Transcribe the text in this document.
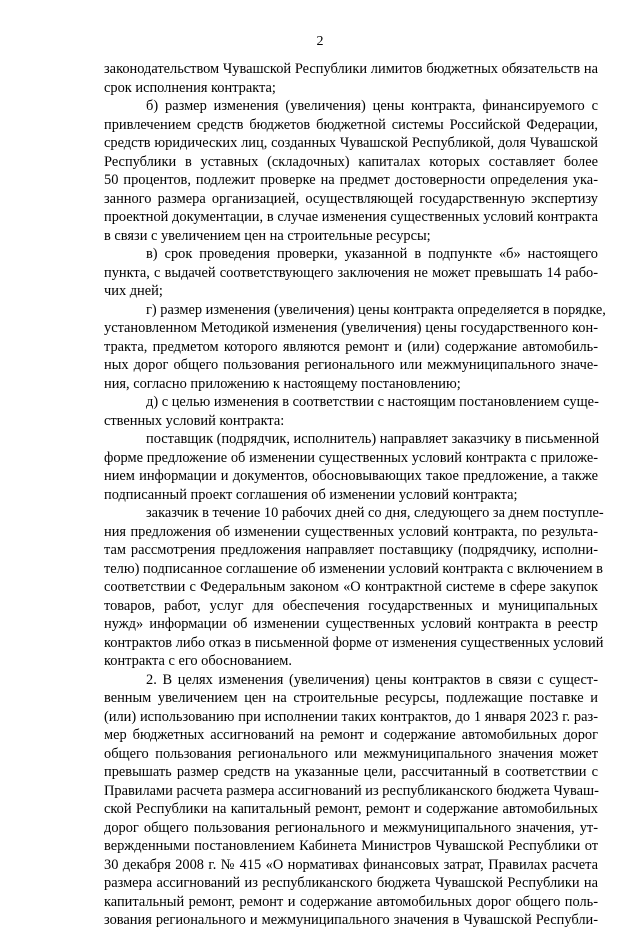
2
законодательством Чувашской Республики лимитов бюджетных обязательств на
срок исполнения контракта;
б) размер изменения (увеличения) цены контракта, финансируемого с
привлечением средств бюджетов бюджетной системы Российской Федерации,
средств юридических лиц, созданных Чувашской Республикой, доля Чувашской
Республики в уставных (складочных) капиталах которых составляет более
50 процентов, подлежит проверке на предмет достоверности определения ука-
занного размера организацией, осуществляющей государственную экспертизу
проектной документации, в случае изменения существенных условий контракта
в связи с увеличением цен на строительные ресурсы;
в) срок проведения проверки, указанной в подпункте «б» настоящего
пункта, с выдачей соответствующего заключения не может превышать 14 рабо-
чих дней;
г) размер изменения (увеличения) цены контракта определяется в порядке,
установленном Методикой изменения (увеличения) цены государственного кон-
тракта, предметом которого являются ремонт и (или) содержание автомобиль-
ных дорог общего пользования регионального или межмуниципального значе-
ния, согласно приложению к настоящему постановлению;
д) с целью изменения в соответствии с настоящим постановлением суще-
ственных условий контракта:
поставщик (подрядчик, исполнитель) направляет заказчику в письменной
форме предложение об изменении существенных условий контракта с приложе-
нием информации и документов, обосновывающих такое предложение, а также
подписанный проект соглашения об изменении условий контракта;
заказчик в течение 10 рабочих дней со дня, следующего за днем поступле-
ния предложения об изменении существенных условий контракта, по результа-
там рассмотрения предложения направляет поставщику (подрядчику, исполни-
телю) подписанное соглашение об изменении условий контракта с включением в
соответствии с Федеральным законом «О контрактной системе в сфере закупок
товаров, работ, услуг для обеспечения государственных и муниципальных
нужд» информации об изменении существенных условий контракта в реестр
контрактов либо отказ в письменной форме от изменения существенных условий
контракта с его обоснованием.
2. В целях изменения (увеличения) цены контрактов в связи с сущест-
венным увеличением цен на строительные ресурсы, подлежащие поставке и
(или) использованию при исполнении таких контрактов, до 1 января 2023 г. раз-
мер бюджетных ассигнований на ремонт и содержание автомобильных дорог
общего пользования регионального или межмуниципального значения может
превышать размер средств на указанные цели, рассчитанный в соответствии с
Правилами расчета размера ассигнований из республиканского бюджета Чуваш-
ской Республики на капитальный ремонт, ремонт и содержание автомобильных
дорог общего пользования регионального и межмуниципального значения, ут-
вержденными постановлением Кабинета Министров Чувашской Республики от
30 декабря 2008 г. № 415 «О нормативах финансовых затрат, Правилах расчета
размера ассигнований из республиканского бюджета Чувашской Республики на
капитальный ремонт, ремонт и содержание автомобильных дорог общего поль-
зования регионального и межмуниципального значения в Чувашской Республи-
